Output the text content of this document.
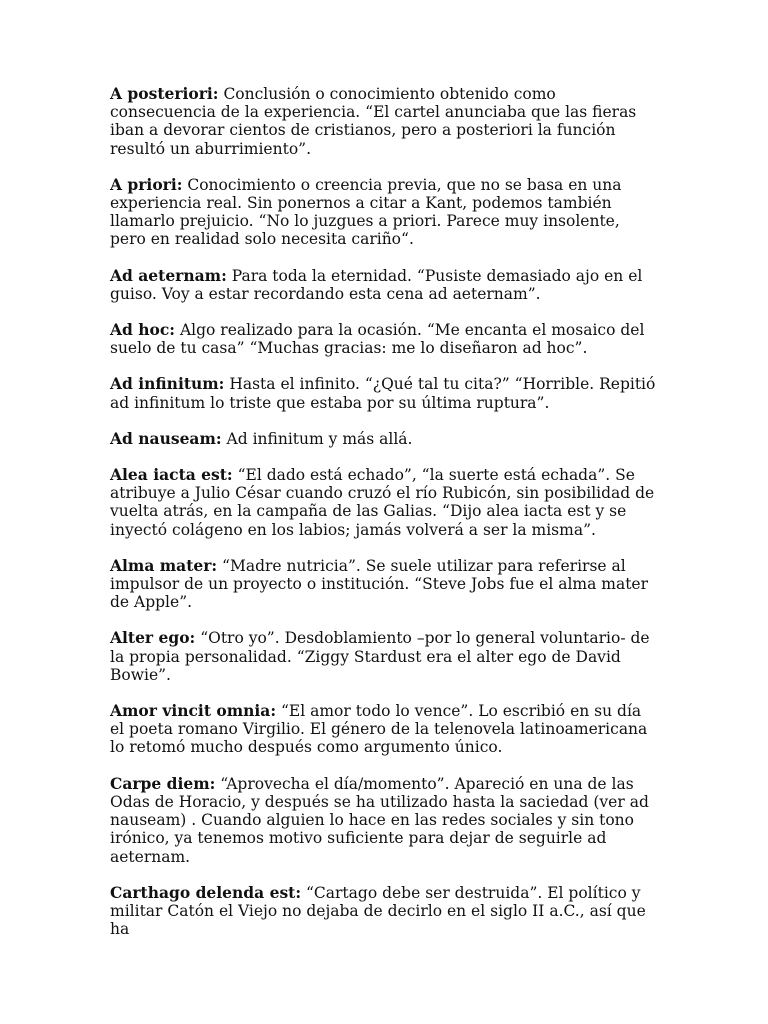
A posteriori: Conclusión o conocimiento obtenido como consecuencia de la experiencia. “El cartel anunciaba que las fieras iban a devorar cientos de cristianos, pero a posteriori la función resultó un aburrimiento”.

A priori: Conocimiento o creencia previa, que no se basa en una experiencia real. Sin ponernos a citar a Kant, podemos también llamarlo prejuicio. “No lo juzgues a priori. Parece muy insolente, pero en realidad solo necesita cariño“.

Ad aeternam: Para toda la eternidad. “Pusiste demasiado ajo en el guiso. Voy a estar recordando esta cena ad aeternam”.

Ad hoc: Algo realizado para la ocasión. “Me encanta el mosaico del suelo de tu casa” “Muchas gracias: me lo diseñaron ad hoc”.

Ad infinitum: Hasta el infinito. “¿Qué tal tu cita?” “Horrible. Repitió ad infinitum lo triste que estaba por su última ruptura”.

Ad nauseam: Ad infinitum y más allá.

Alea iacta est: “El dado está echado”, “la suerte está echada”. Se atribuye a Julio César cuando cruzó el río Rubicón, sin posibilidad de vuelta atrás, en la campaña de las Galias. “Dijo alea iacta est y se inyectó colágeno en los labios; jamás volverá a ser la misma”.

Alma mater: “Madre nutricia”. Se suele utilizar para referirse al impulsor de un proyecto o institución. “Steve Jobs fue el alma mater de Apple”.

Alter ego: “Otro yo”. Desdoblamiento –por lo general voluntario- de la propia personalidad. “Ziggy Stardust era el alter ego de David Bowie”.

Amor vincit omnia: “El amor todo lo vence”. Lo escribió en su día el poeta romano Virgilio. El género de la telenovela latinoamericana lo retomó mucho después como argumento único.

Carpe diem: “Aprovecha el día/momento”. Apareció en una de las Odas de Horacio, y después se ha utilizado hasta la saciedad (ver ad nauseam) . Cuando alguien lo hace en las redes sociales y sin tono irónico, ya tenemos motivo suficiente para dejar de seguirle ad aeternam.

Carthago delenda est: “Cartago debe ser destruida”. El político y militar Catón el Viejo no dejaba de decirlo en el siglo II a.C., así que ha
